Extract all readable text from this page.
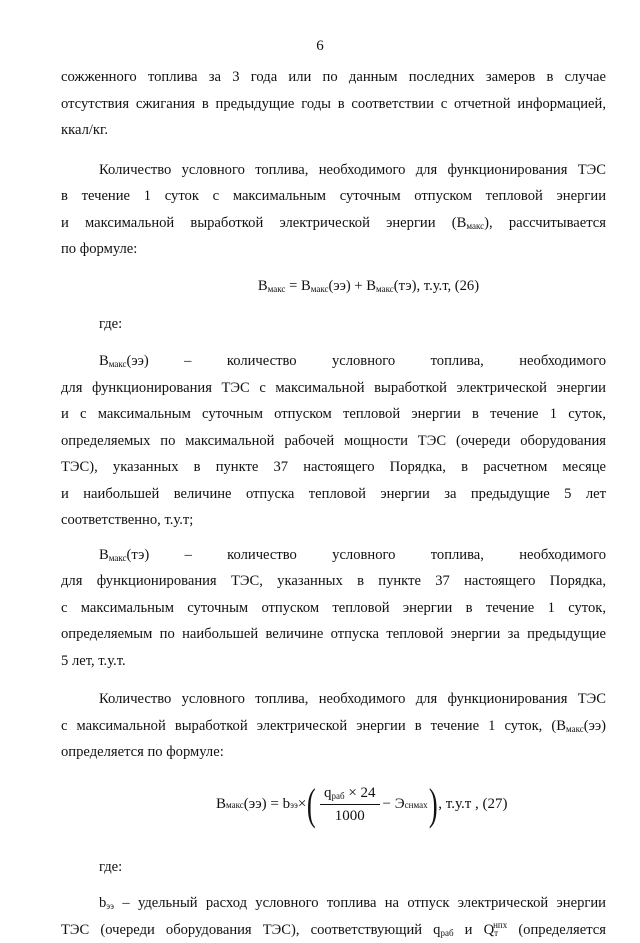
6

сожженного топлива за 3 года или по данным последних замеров в случае

отсутствия сжигания в предыдущие годы в соответствии с отчетной информацией,

ккал/кг.

Количество условного топлива, необходимого для функционирования ТЭС

в течение 1 суток с максимальным суточным отпуском тепловой энергии

и максимальной выработкой электрической энергии $(B_{макс})$, рассчитывается

по формуле:

$B_{макс} = B_{макс}(ээ) + B_{макс}(тэ)$, т.у.т, (26)

где:

$B_{макс}(ээ)$ – количество условного топлива, необходимого

для функционирования ТЭС с максимальной выработкой электрической энергии

и с максимальным суточным отпуском тепловой энергии в течение 1 суток,

определяемых по максимальной рабочей мощности ТЭС (очереди оборудования

ТЭС), указанных в пункте 37 настоящего Порядка, в расчетном месяце

и наибольшей величине отпуска тепловой энергии за предыдущие 5 лет

соответственно, т.у.т;

$B_{макс}(тэ)$ – количество условного топлива, необходимого

для функционирования ТЭС, указанных в пункте 37 настоящего Порядка,

с максимальным суточным отпуском тепловой энергии в течение 1 суток,

определяемым по наибольшей величине отпуска тепловой энергии за предыдущие

5 лет, т.у.т.

Количество условного топлива, необходимого для функционирования ТЭС

с максимальной выработкой электрической энергии в течение 1 суток, ($B_{макс}(ээ)$

определяется по формуле:

B макс (ээ) = b ээ × ( $\frac{q_{раб} \times 24}{1000} - Э$ снмах ) , т.у.т , (27)

где:

$b_{ээ}$ – удельный расход условного топлива на отпуск электрической энергии

ТЭС (очереди оборудования ТЭС), соответствующий $q_{раб}$ и $Q_т^{нпх}$ (определяется
